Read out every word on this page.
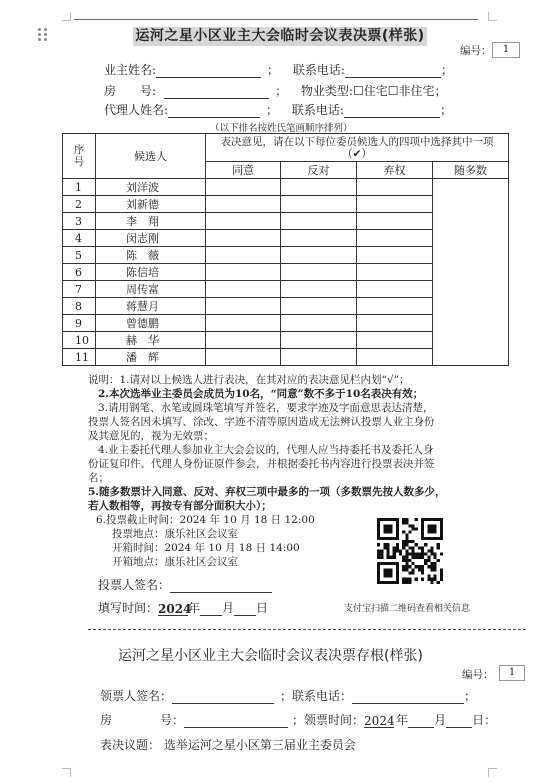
运河之星小区业主大会临时会议表决票(样张)
编号：	1
业主姓名:	； 联系电话:	；
房　　号:	； 物业类型:☐住宅☐非住宅；
代理人姓名:	； 联系电话:	；
（以下排名按姓氏笔画顺序排列）
序号	候选人	表决意见，请在以下每位委员候选人的四项中选择其中一项（✔）			
		同意	反对	弃权	随多数
1	刘洋波				
2	刘新德				
3	李　翔				
4	闵志刚				
5	陈　薇				
6	陈信培				
7	周传富				
8	蒋慧月				
9	曾德鹏				
10	赫　华				
11	潘　辉				
说明：1.请对以上候选人进行表决，在其对应的表决意见栏内划“√”；
2.本次选举业主委员会成员为10名，“同意”数不多于10名表决有效；
3.请用钢笔、水笔或圆珠笔填写并签名，要求字迹及字面意思表达清楚，
投票人签名因未填写、涂改、字迹不清等原因造成无法辨认投票人业主身份
及其意见的，视为无效票；
4.业主委托代理人参加业主大会会议的，代理人应当持委托书及委托人身
份证复印件、代理人身份证原件参会，并根据委托书内容进行投票表决并签
名；
5.随多数票计入同意、反对、弃权三项中最多的一项（多数票先按人数多少，
若人数相等，再按专有部分面积大小）；
6.投票截止时间：2024 年 10 月 18 日 12:00
投票地点：康乐社区会议室
开箱时间：2024 年 10 月 18 日 14:00
开箱地点：康乐社区会议室
投票人签名：
填写时间：2024年 月 日	支付宝扫描二维码查看相关信息
运河之星小区业主大会临时会议表决票存根(样张)
编号：	1
领票人签名：	；联系电话：	；
房　　　　号：	；领票时间：2024年 月 日：
表决议题： 选举运河之星小区第三届业主委员会
